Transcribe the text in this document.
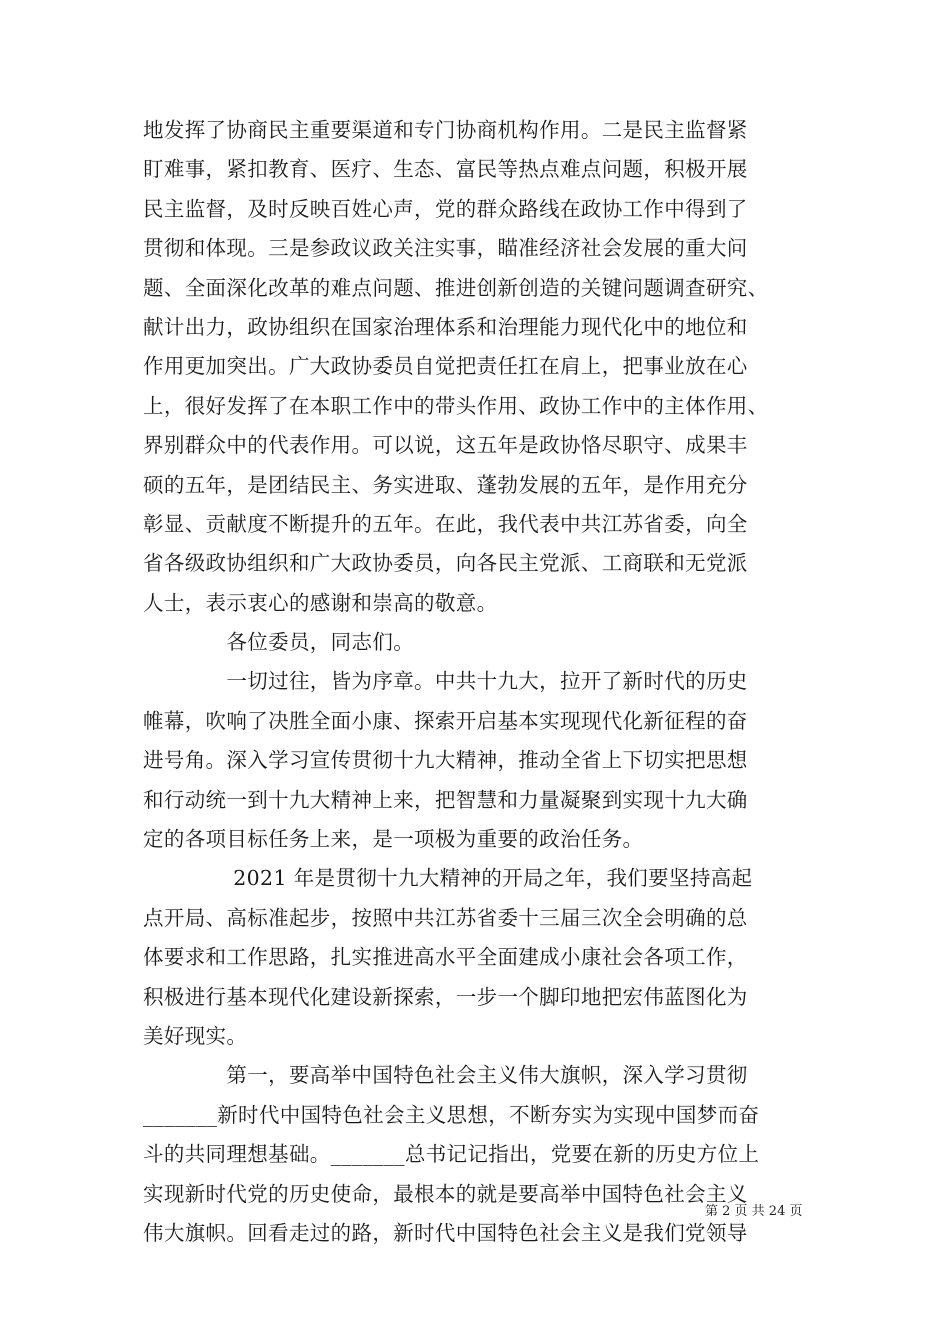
地发挥了协商民主重要渠道和专门协商机构作用。二是民主监督紧
盯难事，紧扣教育、医疗、生态、富民等热点难点问题，积极开展
民主监督，及时反映百姓心声，党的群众路线在政协工作中得到了
贯彻和体现。三是参政议政关注实事，瞄准经济社会发展的重大问
题、全面深化改革的难点问题、推进创新创造的关键问题调查研究、
献计出力，政协组织在国家治理体系和治理能力现代化中的地位和
作用更加突出。广大政协委员自觉把责任扛在肩上，把事业放在心
上，很好发挥了在本职工作中的带头作用、政协工作中的主体作用、
界别群众中的代表作用。可以说，这五年是政协恪尽职守、成果丰
硕的五年，是团结民主、务实进取、蓬勃发展的五年，是作用充分
彰显、贡献度不断提升的五年。在此，我代表中共江苏省委，向全
省各级政协组织和广大政协委员，向各民主党派、工商联和无党派
人士，表示衷心的感谢和崇高的敬意。
　　　　各位委员，同志们。
　　　　一切过往，皆为序章。中共十九大，拉开了新时代的历史
帷幕，吹响了决胜全面小康、探索开启基本实现现代化新征程的奋
进号角。深入学习宣传贯彻十九大精神，推动全省上下切实把思想
和行动统一到十九大精神上来，把智慧和力量凝聚到实现十九大确
定的各项目标任务上来，是一项极为重要的政治任务。
　　　　 2021 年是贯彻十九大精神的开局之年，我们要坚持高起
点开局、高标准起步，按照中共江苏省委十三届三次全会明确的总
体要求和工作思路，扎实推进高水平全面建成小康社会各项工作，
积极进行基本现代化建设新探索，一步一个脚印地把宏伟蓝图化为
美好现实。
　　　　第一，要高举中国特色社会主义伟大旗帜，深入学习贯彻
_______新时代中国特色社会主义思想，不断夯实为实现中国梦而奋
斗的共同理想基础。_______总书记记指出，党要在新的历史方位上
实现新时代党的历史使命，最根本的就是要高举中国特色社会主义
伟大旗帜。回看走过的路，新时代中国特色社会主义是我们党领导
第 2 页 共 24 页
